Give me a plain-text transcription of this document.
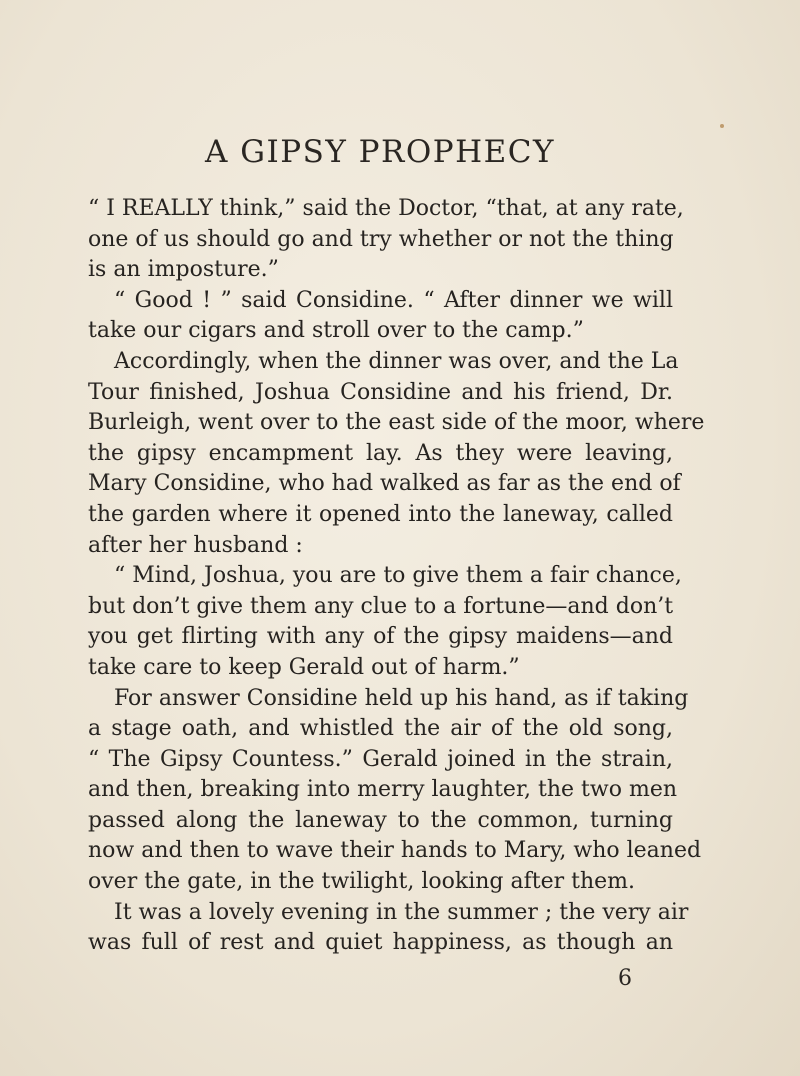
A GIPSY PROPHECY
“ I REALLY think,” said the Doctor, “that, at any rate,
one of us should go and try whether or not the thing
is an imposture.”
“ Good ! ” said Considine. “ After dinner we will
take our cigars and stroll over to the camp.”
Accordingly, when the dinner was over, and the La
Tour finished, Joshua Considine and his friend, Dr.
Burleigh, went over to the east side of the moor, where
the gipsy encampment lay. As they were leaving,
Mary Considine, who had walked as far as the end of
the garden where it opened into the laneway, called
after her husband :
“ Mind, Joshua, you are to give them a fair chance,
but don’t give them any clue to a fortune—and don’t
you get flirting with any of the gipsy maidens—and
take care to keep Gerald out of harm.”
For answer Considine held up his hand, as if taking
a stage oath, and whistled the air of the old song,
“ The Gipsy Countess.” Gerald joined in the strain,
and then, breaking into merry laughter, the two men
passed along the laneway to the common, turning
now and then to wave their hands to Mary, who leaned
over the gate, in the twilight, looking after them.
It was a lovely evening in the summer ; the very air
was full of rest and quiet happiness, as though an
6
